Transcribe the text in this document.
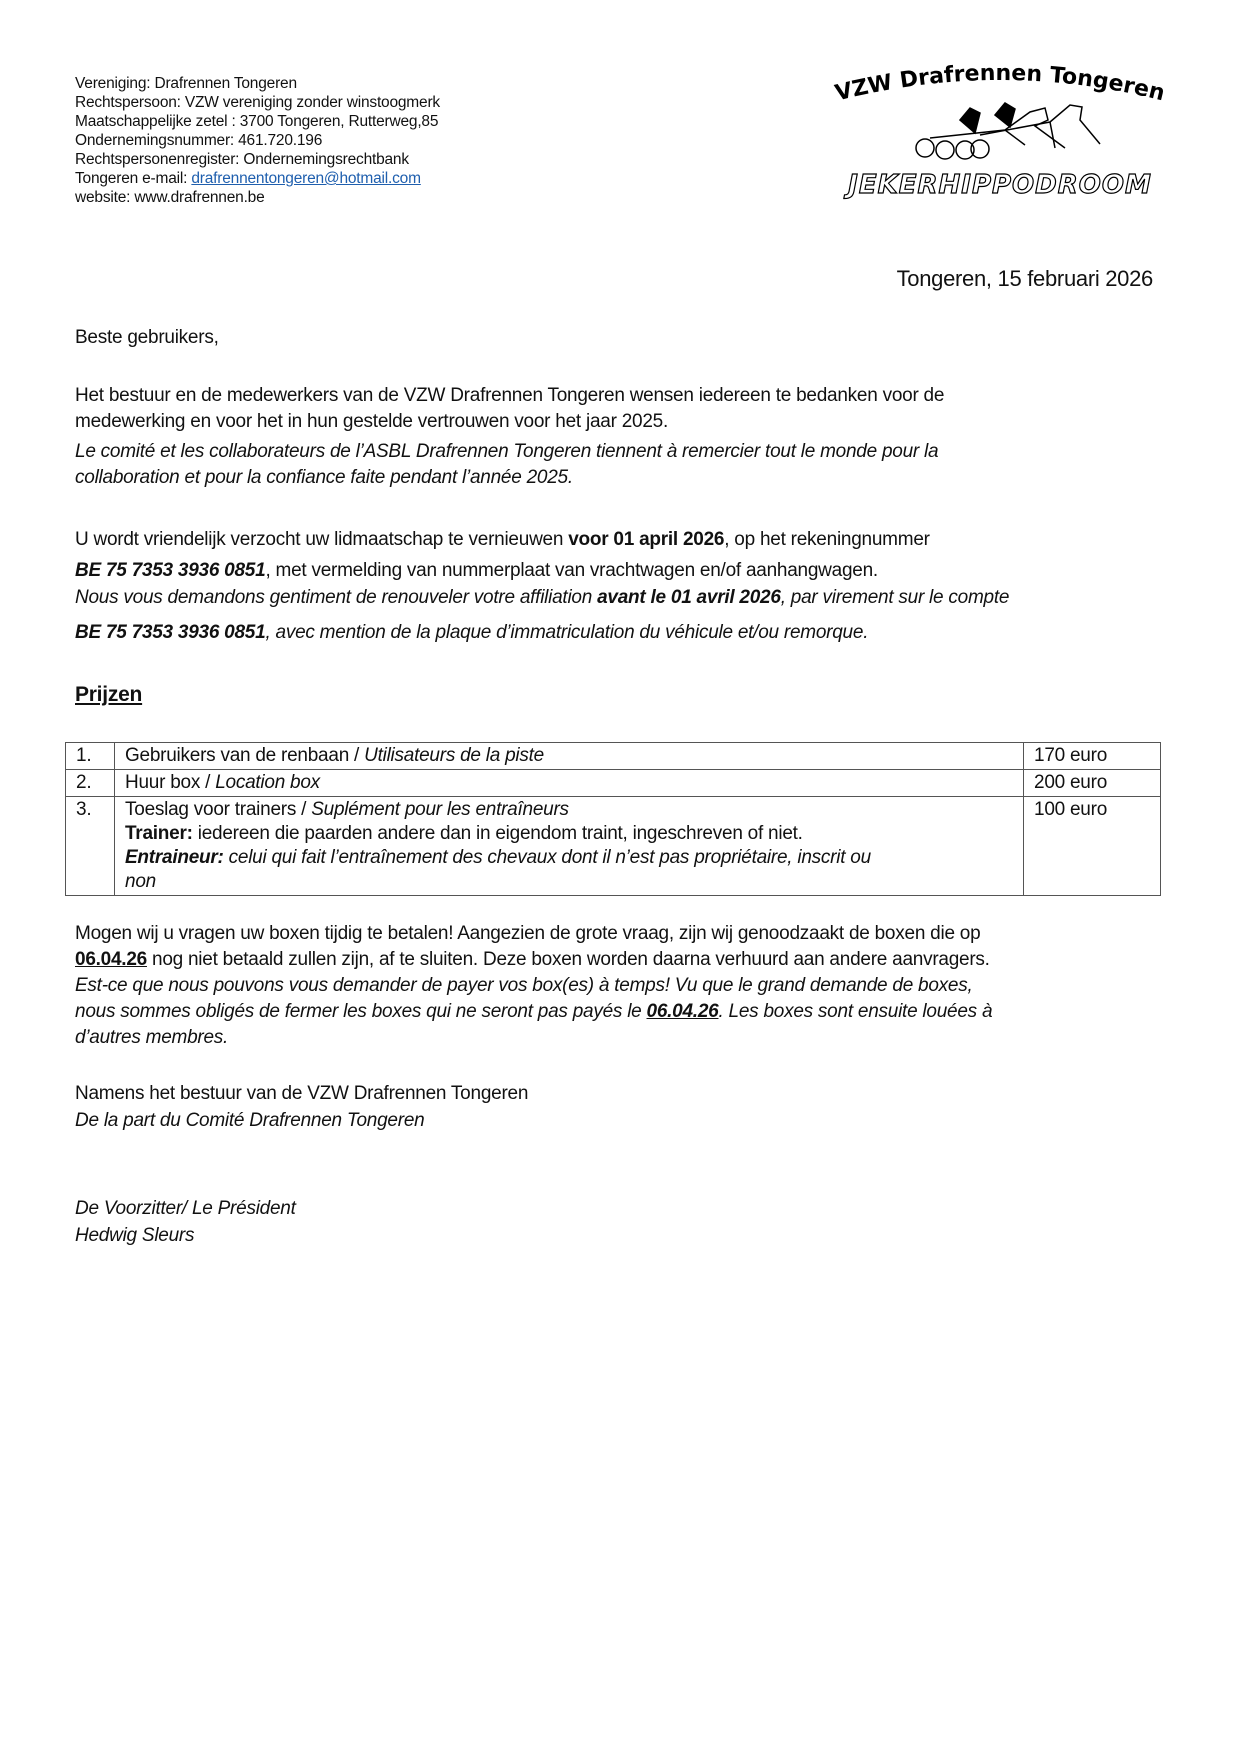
Vereniging: Drafrennen Tongeren
Rechtspersoon: VZW vereniging zonder winstoogmerk
Maatschappelijke zetel : 3700 Tongeren, Rutterweg,85
Ondernemingsnummer: 461.720.196
Rechtspersonenregister: Ondernemingsrechtbank
Tongeren e-mail: drafrennentongeren@hotmail.com
website: www.drafrennen.be
VZW Drafrennen Tongeren
JEKERHIPPODROOM
Tongeren, 15 februari 2026
Beste gebruikers,
Het bestuur en de medewerkers van de VZW Drafrennen Tongeren wensen iedereen te bedanken voor de
medewerking en voor het in hun gestelde vertrouwen voor het jaar 2025.
Le comité et les collaborateurs de l’ASBL Drafrennen Tongeren tiennent à remercier tout le monde pour la
collaboration et pour la confiance faite pendant l’année 2025.
U wordt vriendelijk verzocht uw lidmaatschap te vernieuwen voor 01 april 2026, op het rekeningnummer
BE 75 7353 3936 0851, met vermelding van nummerplaat van vrachtwagen en/of aanhangwagen.
Nous vous demandons gentiment de renouveler votre affiliation avant le 01 avril 2026, par virement sur le compte
BE 75 7353 3936 0851, avec mention de la plaque d’immatriculation du véhicule et/ou remorque.
Prijzen
1.	Gebruikers van de renbaan / Utilisateurs de la piste	170 euro
2.	Huur box / Location box	200 euro
3.	Toeslag voor trainers / Suplément pour les entraîneurs
Trainer: iedereen die paarden andere dan in eigendom traint, ingeschreven of niet.
Entraineur: celui qui fait l’entraînement des chevaux dont il n’est pas propriétaire, inscrit ou
non	100 euro
Mogen wij u vragen uw boxen tijdig te betalen! Aangezien de grote vraag, zijn wij genoodzaakt de boxen die op
06.04.26 nog niet betaald zullen zijn, af te sluiten. Deze boxen worden daarna verhuurd aan andere aanvragers.
Est-ce que nous pouvons vous demander de payer vos box(es) à temps! Vu que le grand demande de boxes,
nous sommes obligés de fermer les boxes qui ne seront pas payés le 06.04.26. Les boxes sont ensuite louées à
d’autres membres.
Namens het bestuur van de VZW Drafrennen Tongeren
De la part du Comité Drafrennen Tongeren
De Voorzitter/ Le Président
Hedwig Sleurs
